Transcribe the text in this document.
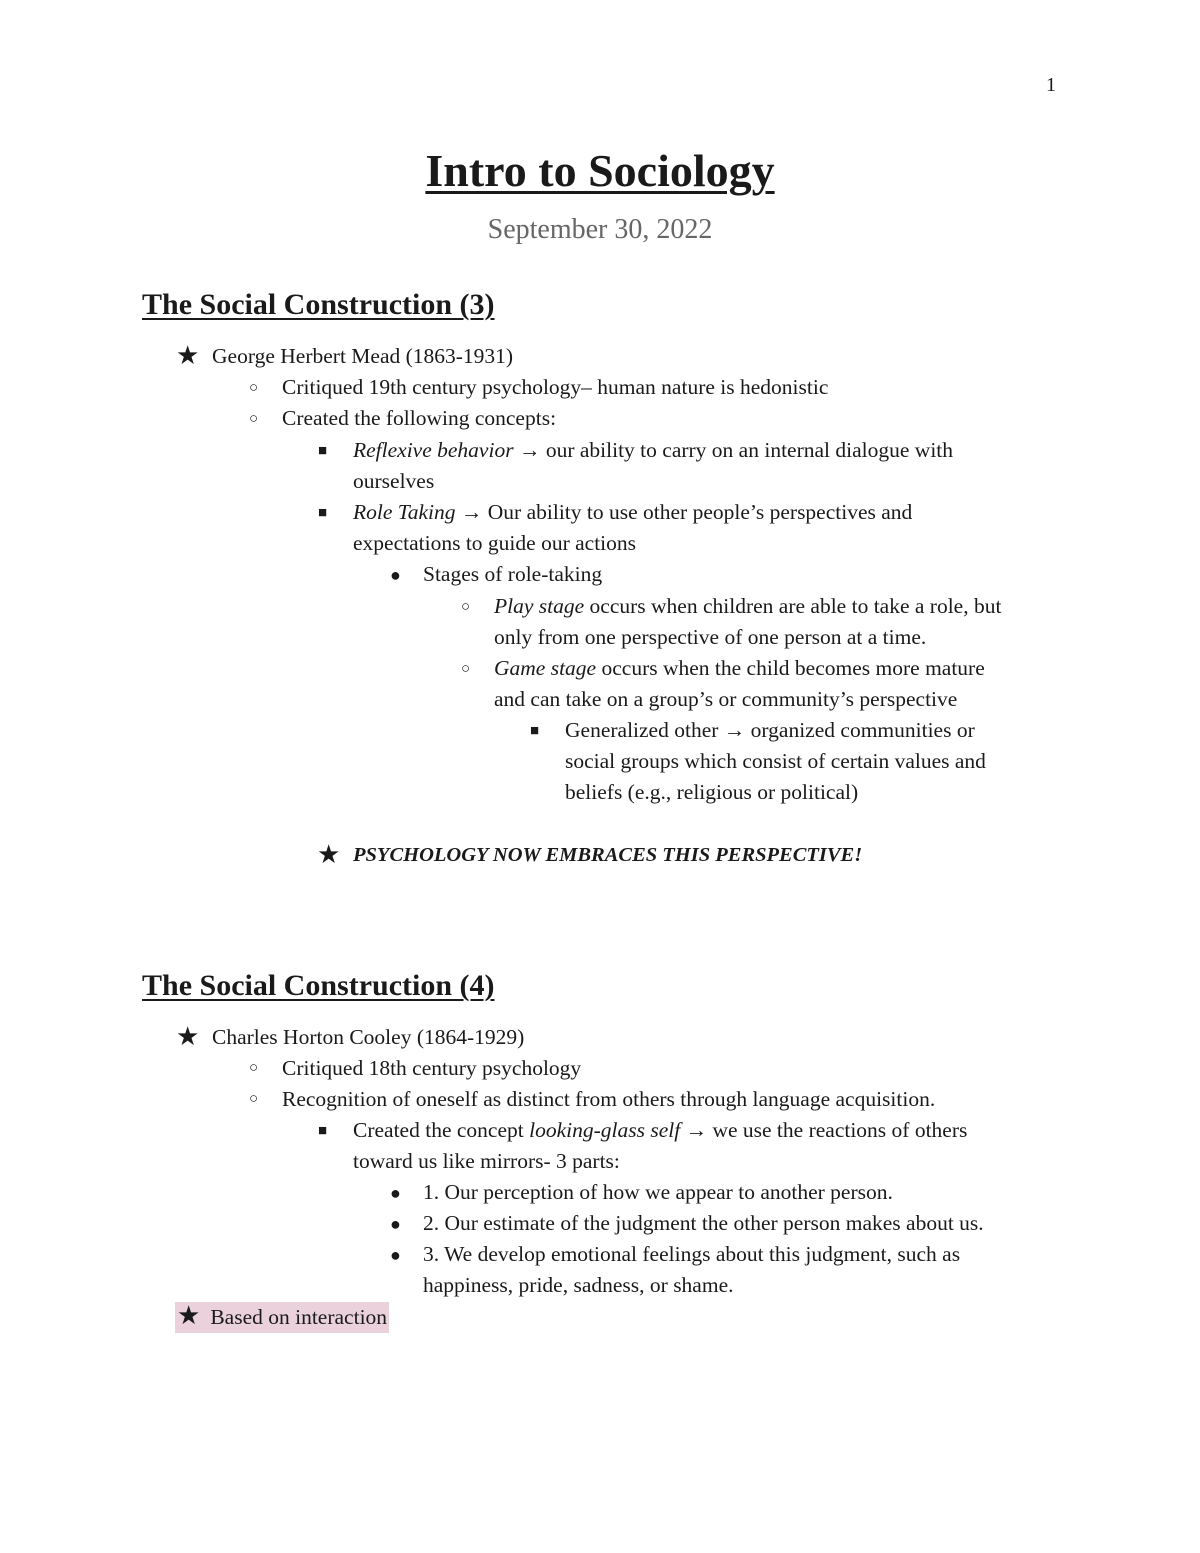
1
Intro to Sociology
September 30, 2022
The Social Construction (3)
★ George Herbert Mead (1863-1931)
○ Critiqued 19th century psychology– human nature is hedonistic
○ Created the following concepts:
■ Reflexive behavior → our ability to carry on an internal dialogue with
ourselves
■ Role Taking → Our ability to use other people’s perspectives and
expectations to guide our actions
● Stages of role-taking
○ Play stage occurs when children are able to take a role, but
only from one perspective of one person at a time.
○ Game stage occurs when the child becomes more mature
and can take on a group’s or community’s perspective
■ Generalized other → organized communities or
social groups which consist of certain values and
beliefs (e.g., religious or political)
★ PSYCHOLOGY NOW EMBRACES THIS PERSPECTIVE!
The Social Construction (4)
★ Charles Horton Cooley (1864-1929)
○ Critiqued 18th century psychology
○ Recognition of oneself as distinct from others through language acquisition.
■ Created the concept looking-glass self → we use the reactions of others
toward us like mirrors- 3 parts:
● 1. Our perception of how we appear to another person.
● 2. Our estimate of the judgment the other person makes about us.
● 3. We develop emotional feelings about this judgment, such as
happiness, pride, sadness, or shame.
★ Based on interaction
